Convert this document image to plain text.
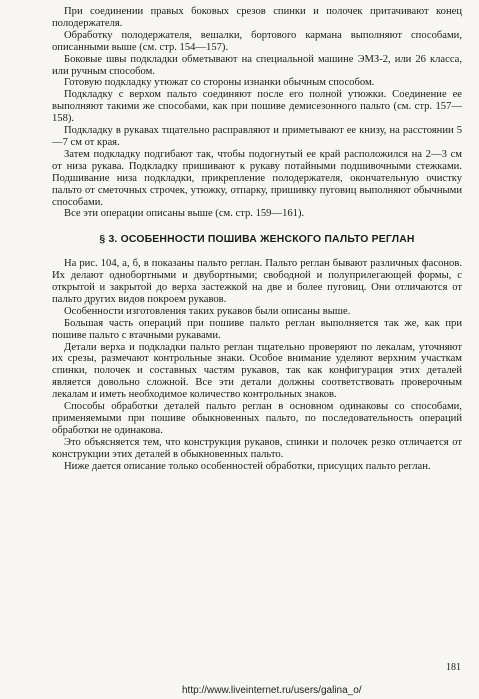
При соединении правых боковых срезов спинки и полочек притачивают конец полодержателя.

Обработку полодержателя, вешалки, бортового кармана выполняют способами, описанными выше (см. стр. 154—157).

Боковые швы подкладки обметывают на специальной машине ЭМЗ-2, или 26 класса, или ручным способом.

Готовую подкладку утюжат со стороны изнанки обычным способом.

Подкладку с верхом пальто соединяют после его полной утюжки. Соединение ее выполняют такими же способами, как при пошиве демисезонного пальто (см. стр. 157—158).

Подкладку в рукавах тщательно расправляют и приметывают ее книзу, на расстоянии 5—7 см от края.

Затем подкладку подгибают так, чтобы подогнутый ее край расположился на 2—3 см от низа рукава. Подкладку пришивают к рукаву потайными подшивочными стежками. Подшивание низа подкладки, прикрепление полодержателя, окончательную очистку пальто от сметочных строчек, утюжку, отпарку, пришивку пуговиц выполняют обычными способами.

Все эти операции описаны выше (см. стр. 159—161).

§ 3. ОСОБЕННОСТИ ПОШИВА ЖЕНСКОГО ПАЛЬТО РЕГЛАН

На рис. 104, а, б, в показаны пальто реглан. Пальто реглан бывают различных фасонов. Их делают однобортными и двубортными; свободной и полуприлегающей формы, с открытой и закрытой до верха застежкой на две и более пуговиц. Они отличаются от пальто других видов покроем рукавов.

Особенности изготовления таких рукавов были описаны выше.

Большая часть операций при пошиве пальто реглан выполняется так же, как при пошиве пальто с втачными рукавами.

Детали верха и подкладки пальто реглан тщательно проверяют по лекалам, уточняют их срезы, размечают контрольные знаки. Особое внимание уделяют верхним участкам спинки, полочек и составных частям рукавов, так как конфигурация этих деталей является довольно сложной. Все эти детали должны соответствовать проверочным лекалам и иметь необходимое количество контрольных знаков.

Способы обработки деталей пальто реглан в основном одинаковы со способами, применяемыми при пошиве обыкновенных пальто, по последовательность операций обработки не одинакова.

Это объясняется тем, что конструкция рукавов, спинки и полочек резко отличается от конструкции этих деталей в обыкновенных пальто.

Ниже дается описание только особенностей обработки, присущих пальто реглан.

181
http://www.liveinternet.ru/users/galina_o/
